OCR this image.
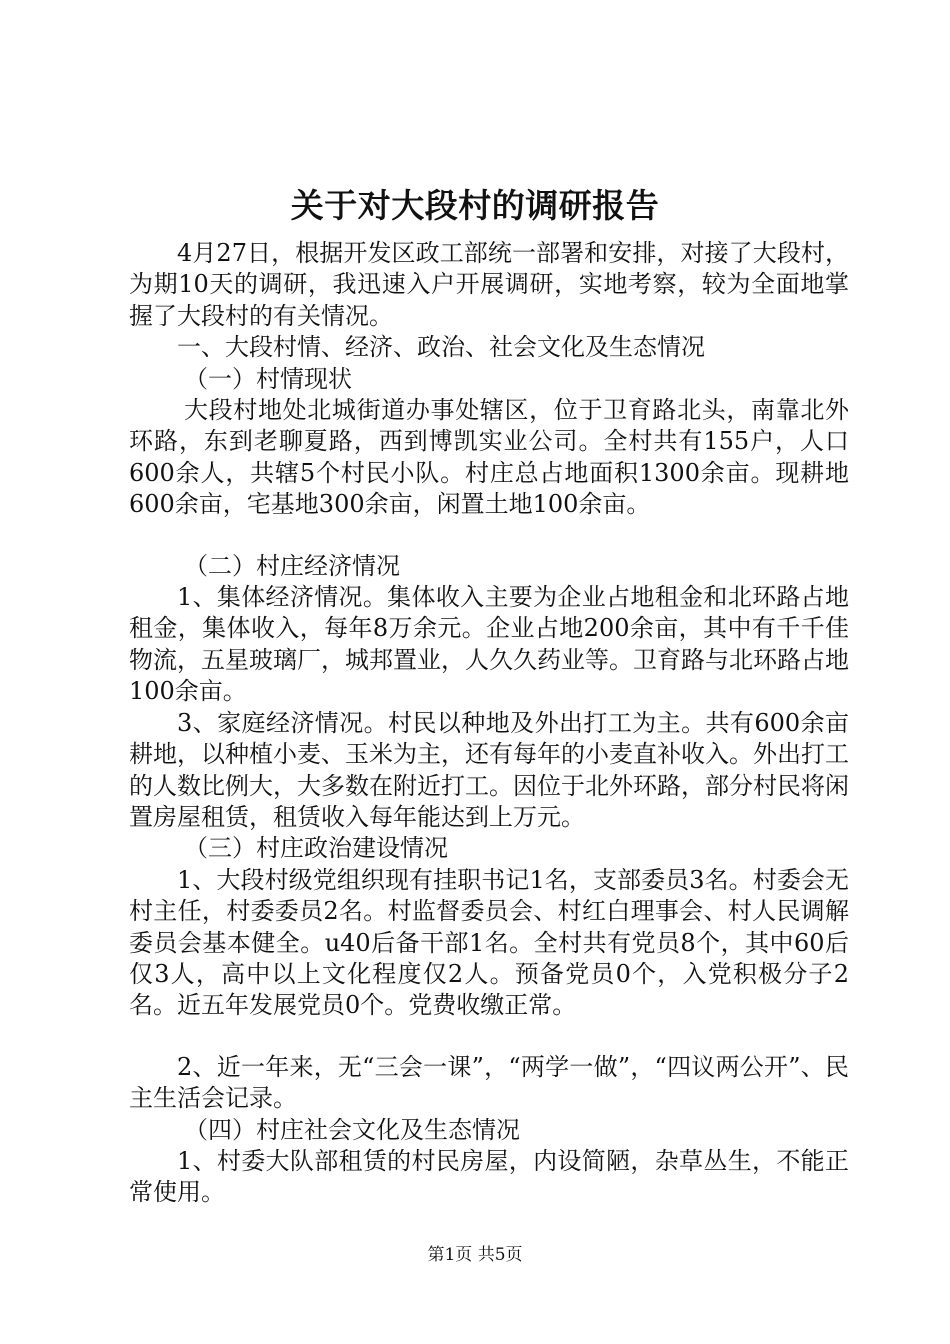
关于对大段村的调研报告

4月27日，根据开发区政工部统一部署和安排，对接了大段村，为期10天的调研，我迅速入户开展调研，实地考察，较为全面地掌握了大段村的有关情况。

一、大段村情、经济、政治、社会文化及生态情况

（一）村情现状

大段村地处北城街道办事处辖区，位于卫育路北头，南靠北外环路，东到老聊夏路，西到博凯实业公司。全村共有155户，人口600余人，共辖5个村民小队。村庄总占地面积1300余亩。现耕地600余亩，宅基地300余亩，闲置土地100余亩。

（二）村庄经济情况

1、集体经济情况。集体收入主要为企业占地租金和北环路占地租金，集体收入，每年8万余元。企业占地200余亩，其中有千千佳物流，五星玻璃厂，城邦置业，人久久药业等。卫育路与北环路占地100余亩。

3、家庭经济情况。村民以种地及外出打工为主。共有600余亩耕地，以种植小麦、玉米为主，还有每年的小麦直补收入。外出打工的人数比例大，大多数在附近打工。因位于北外环路，部分村民将闲置房屋租赁，租赁收入每年能达到上万元。

（三）村庄政治建设情况

1、大段村级党组织现有挂职书记1名，支部委员3名。村委会无村主任，村委委员2名。村监督委员会、村红白理事会、村人民调解委员会基本健全。u40后备干部1名。全村共有党员8个，其中60后仅3人，高中以上文化程度仅2人。预备党员0个，入党积极分子2名。近五年发展党员0个。党费收缴正常。

2、近一年来，无“三会一课”，“两学一做”，“四议两公开”、民主生活会记录。

（四）村庄社会文化及生态情况

1、村委大队部租赁的村民房屋，内设简陋，杂草丛生，不能正常使用。

第1页 共5页
